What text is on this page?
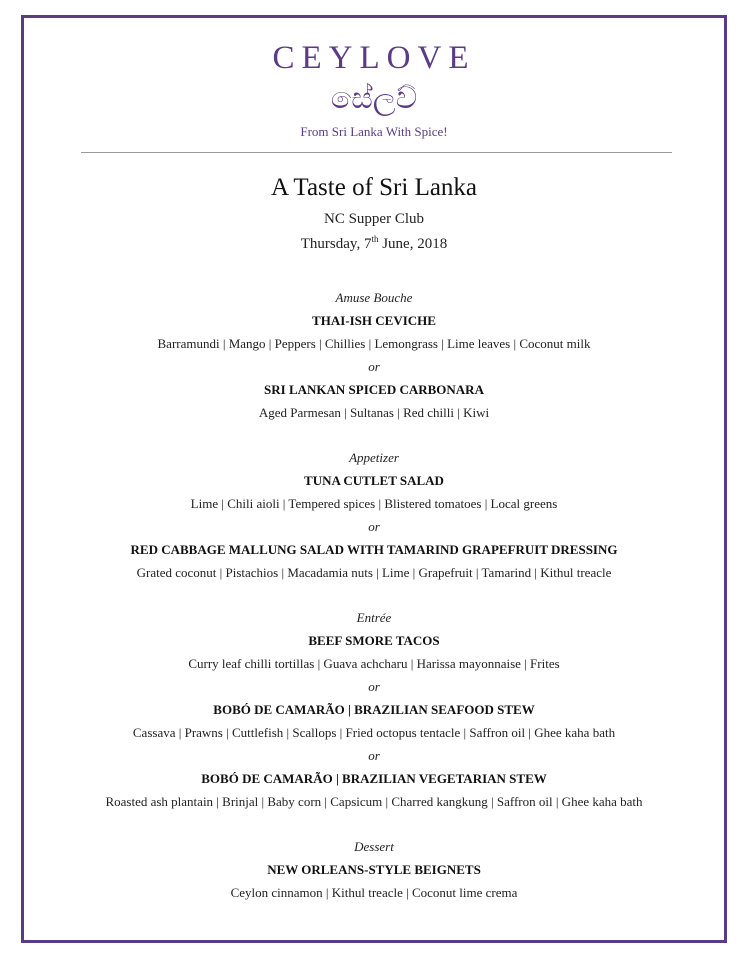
CEYLOVE
සේලව්
From Sri Lanka With Spice!
A Taste of Sri Lanka
NC Supper Club
Thursday, 7th June, 2018
Amuse Bouche
THAI-ISH CEVICHE
Barramundi | Mango | Peppers | Chillies | Lemongrass | Lime leaves | Coconut milk
or
SRI LANKAN SPICED CARBONARA
Aged Parmesan | Sultanas | Red chilli | Kiwi
Appetizer
TUNA CUTLET SALAD
Lime | Chili aioli | Tempered spices | Blistered tomatoes | Local greens
or
RED CABBAGE MALLUNG SALAD WITH TAMARIND GRAPEFRUIT DRESSING
Grated coconut | Pistachios | Macadamia nuts | Lime | Grapefruit | Tamarind | Kithul treacle
Entrée
BEEF SMORE TACOS
Curry leaf chilli tortillas | Guava achcharu | Harissa mayonnaise | Frites
or
BOBÓ DE CAMARÃO | BRAZILIAN SEAFOOD STEW
Cassava | Prawns | Cuttlefish | Scallops | Fried octopus tentacle | Saffron oil | Ghee kaha bath
or
BOBÓ DE CAMARÃO | BRAZILIAN VEGETARIAN STEW
Roasted ash plantain | Brinjal | Baby corn | Capsicum | Charred kangkung | Saffron oil | Ghee kaha bath
Dessert
NEW ORLEANS-STYLE BEIGNETS
Ceylon cinnamon | Kithul treacle | Coconut lime crema
